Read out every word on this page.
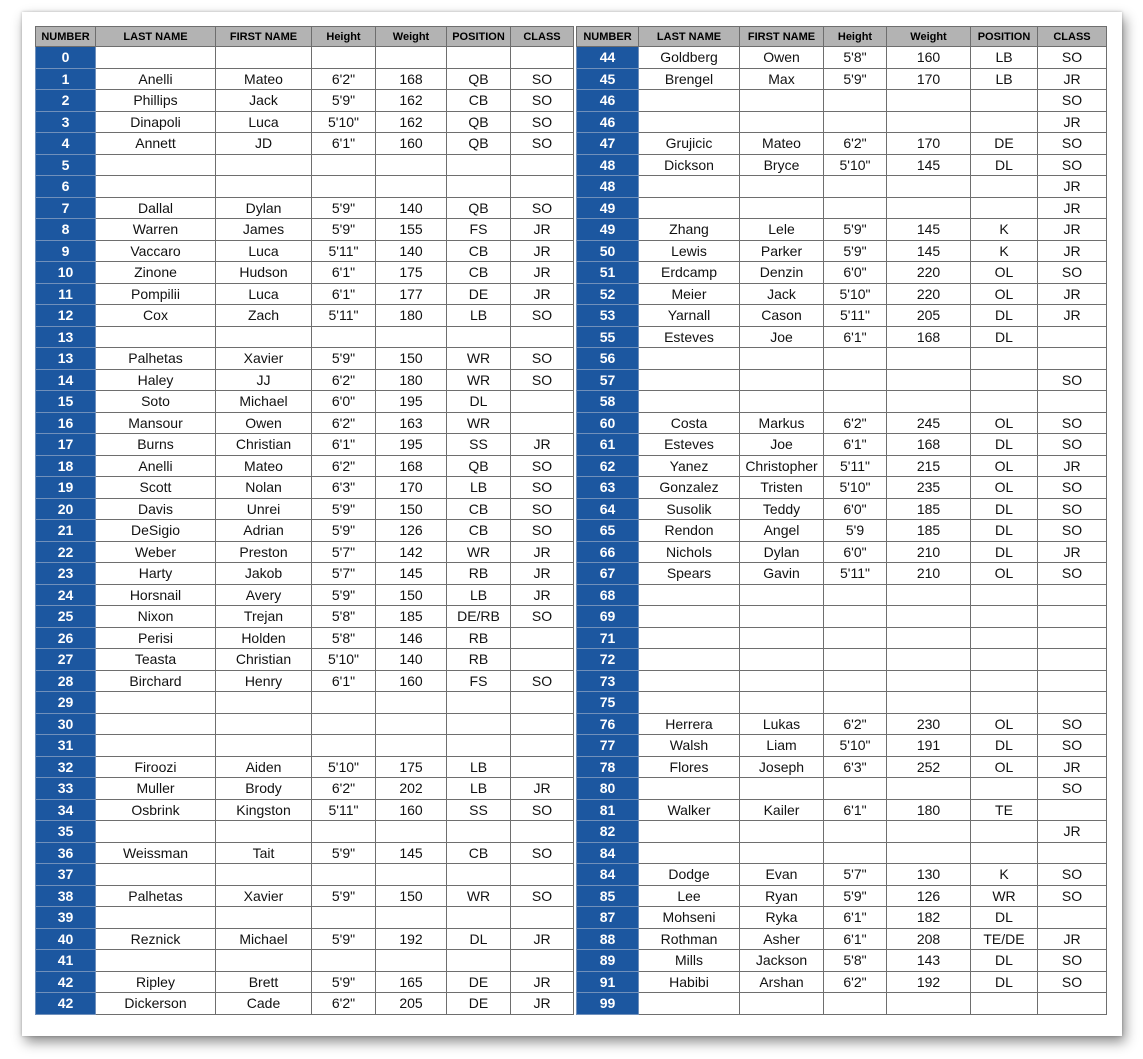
NUMBER	LAST NAME	FIRST NAME	Height	Weight	POSITION	CLASS
0						
1	Anelli	Mateo	6'2"	168	QB	SO
2	Phillips	Jack	5'9"	162	CB	SO
3	Dinapoli	Luca	5'10"	162	QB	SO
4	Annett	JD	6'1"	160	QB	SO
5						
6						
7	Dallal	Dylan	5'9"	140	QB	SO
8	Warren	James	5'9"	155	FS	JR
9	Vaccaro	Luca	5'11"	140	CB	JR
10	Zinone	Hudson	6'1"	175	CB	JR
11	Pompilii	Luca	6'1"	177	DE	JR
12	Cox	Zach	5'11"	180	LB	SO
13						
13	Palhetas	Xavier	5'9"	150	WR	SO
14	Haley	JJ	6'2"	180	WR	SO
15	Soto	Michael	6'0"	195	DL	
16	Mansour	Owen	6'2"	163	WR	
17	Burns	Christian	6'1"	195	SS	JR
18	Anelli	Mateo	6'2"	168	QB	SO
19	Scott	Nolan	6'3"	170	LB	SO
20	Davis	Unrei	5'9"	150	CB	SO
21	DeSigio	Adrian	5'9"	126	CB	SO
22	Weber	Preston	5'7"	142	WR	JR
23	Harty	Jakob	5'7"	145	RB	JR
24	Horsnail	Avery	5'9"	150	LB	JR
25	Nixon	Trejan	5'8"	185	DE/RB	SO
26	Perisi	Holden	5'8"	146	RB	
27	Teasta	Christian	5'10"	140	RB	
28	Birchard	Henry	6'1"	160	FS	SO
29						
30						
31						
32	Firoozi	Aiden	5'10"	175	LB	
33	Muller	Brody	6'2"	202	LB	JR
34	Osbrink	Kingston	5'11"	160	SS	SO
35						
36	Weissman	Tait	5'9"	145	CB	SO
37						
38	Palhetas	Xavier	5'9"	150	WR	SO
39						
40	Reznick	Michael	5'9"	192	DL	JR
41						
42	Ripley	Brett	5'9"	165	DE	JR
42	Dickerson	Cade	6'2"	205	DE	JR
NUMBER	LAST NAME	FIRST NAME	Height	Weight	POSITION	CLASS
44	Goldberg	Owen	5'8"	160	LB	SO
45	Brengel	Max	5'9"	170	LB	JR
46						SO
46						JR
47	Grujicic	Mateo	6'2"	170	DE	SO
48	Dickson	Bryce	5'10"	145	DL	SO
48						JR
49						JR
49	Zhang	Lele	5'9"	145	K	JR
50	Lewis	Parker	5'9"	145	K	JR
51	Erdcamp	Denzin	6'0"	220	OL	SO
52	Meier	Jack	5'10"	220	OL	JR
53	Yarnall	Cason	5'11"	205	DL	JR
55	Esteves	Joe	6'1"	168	DL	
56						
57						SO
58						
60	Costa	Markus	6'2"	245	OL	SO
61	Esteves	Joe	6'1"	168	DL	SO
62	Yanez	Christopher	5'11"	215	OL	JR
63	Gonzalez	Tristen	5'10"	235	OL	SO
64	Susolik	Teddy	6'0"	185	DL	SO
65	Rendon	Angel	5'9	185	DL	SO
66	Nichols	Dylan	6'0"	210	DL	JR
67	Spears	Gavin	5'11"	210	OL	SO
68						
69						
71						
72						
73						
75						
76	Herrera	Lukas	6'2"	230	OL	SO
77	Walsh	Liam	5'10"	191	DL	SO
78	Flores	Joseph	6'3"	252	OL	JR
80						SO
81	Walker	Kailer	6'1"	180	TE	
82						JR
84						
84	Dodge	Evan	5'7"	130	K	SO
85	Lee	Ryan	5'9"	126	WR	SO
87	Mohseni	Ryka	6'1"	182	DL	
88	Rothman	Asher	6'1"	208	TE/DE	JR
89	Mills	Jackson	5'8"	143	DL	SO
91	Habibi	Arshan	6'2"	192	DL	SO
99						
